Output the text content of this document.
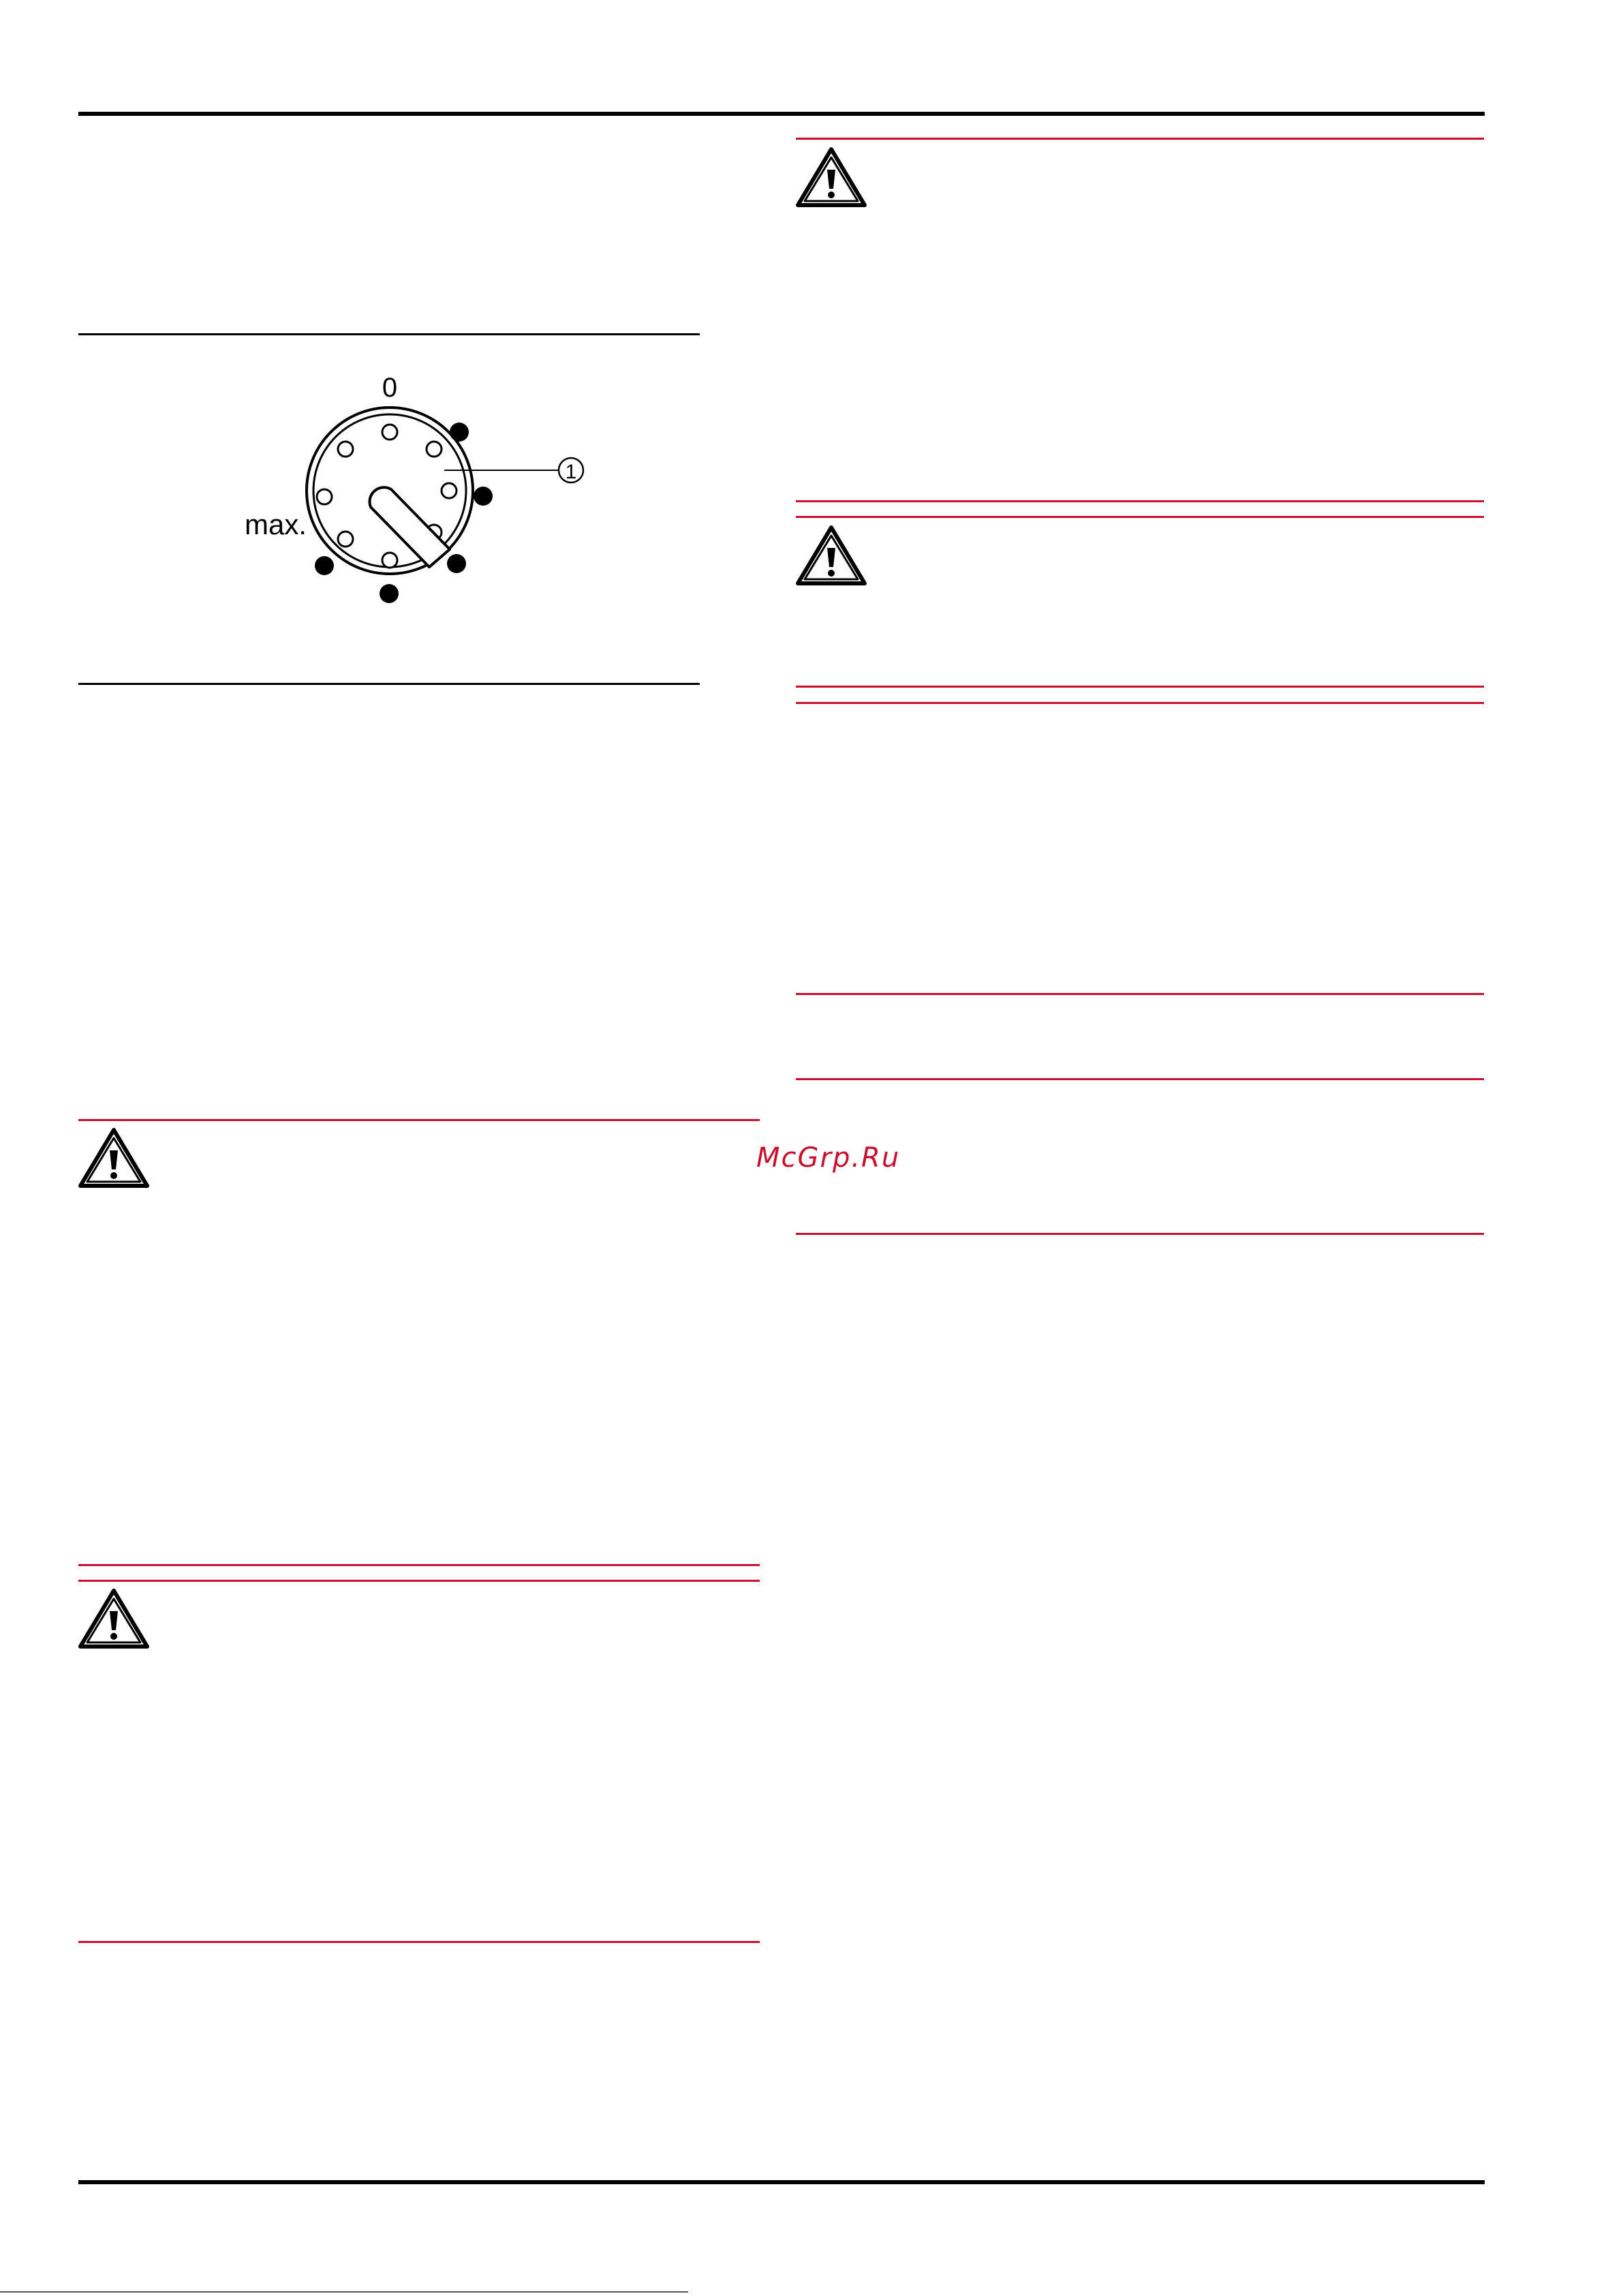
0
max.
1
McGrp.Ru
